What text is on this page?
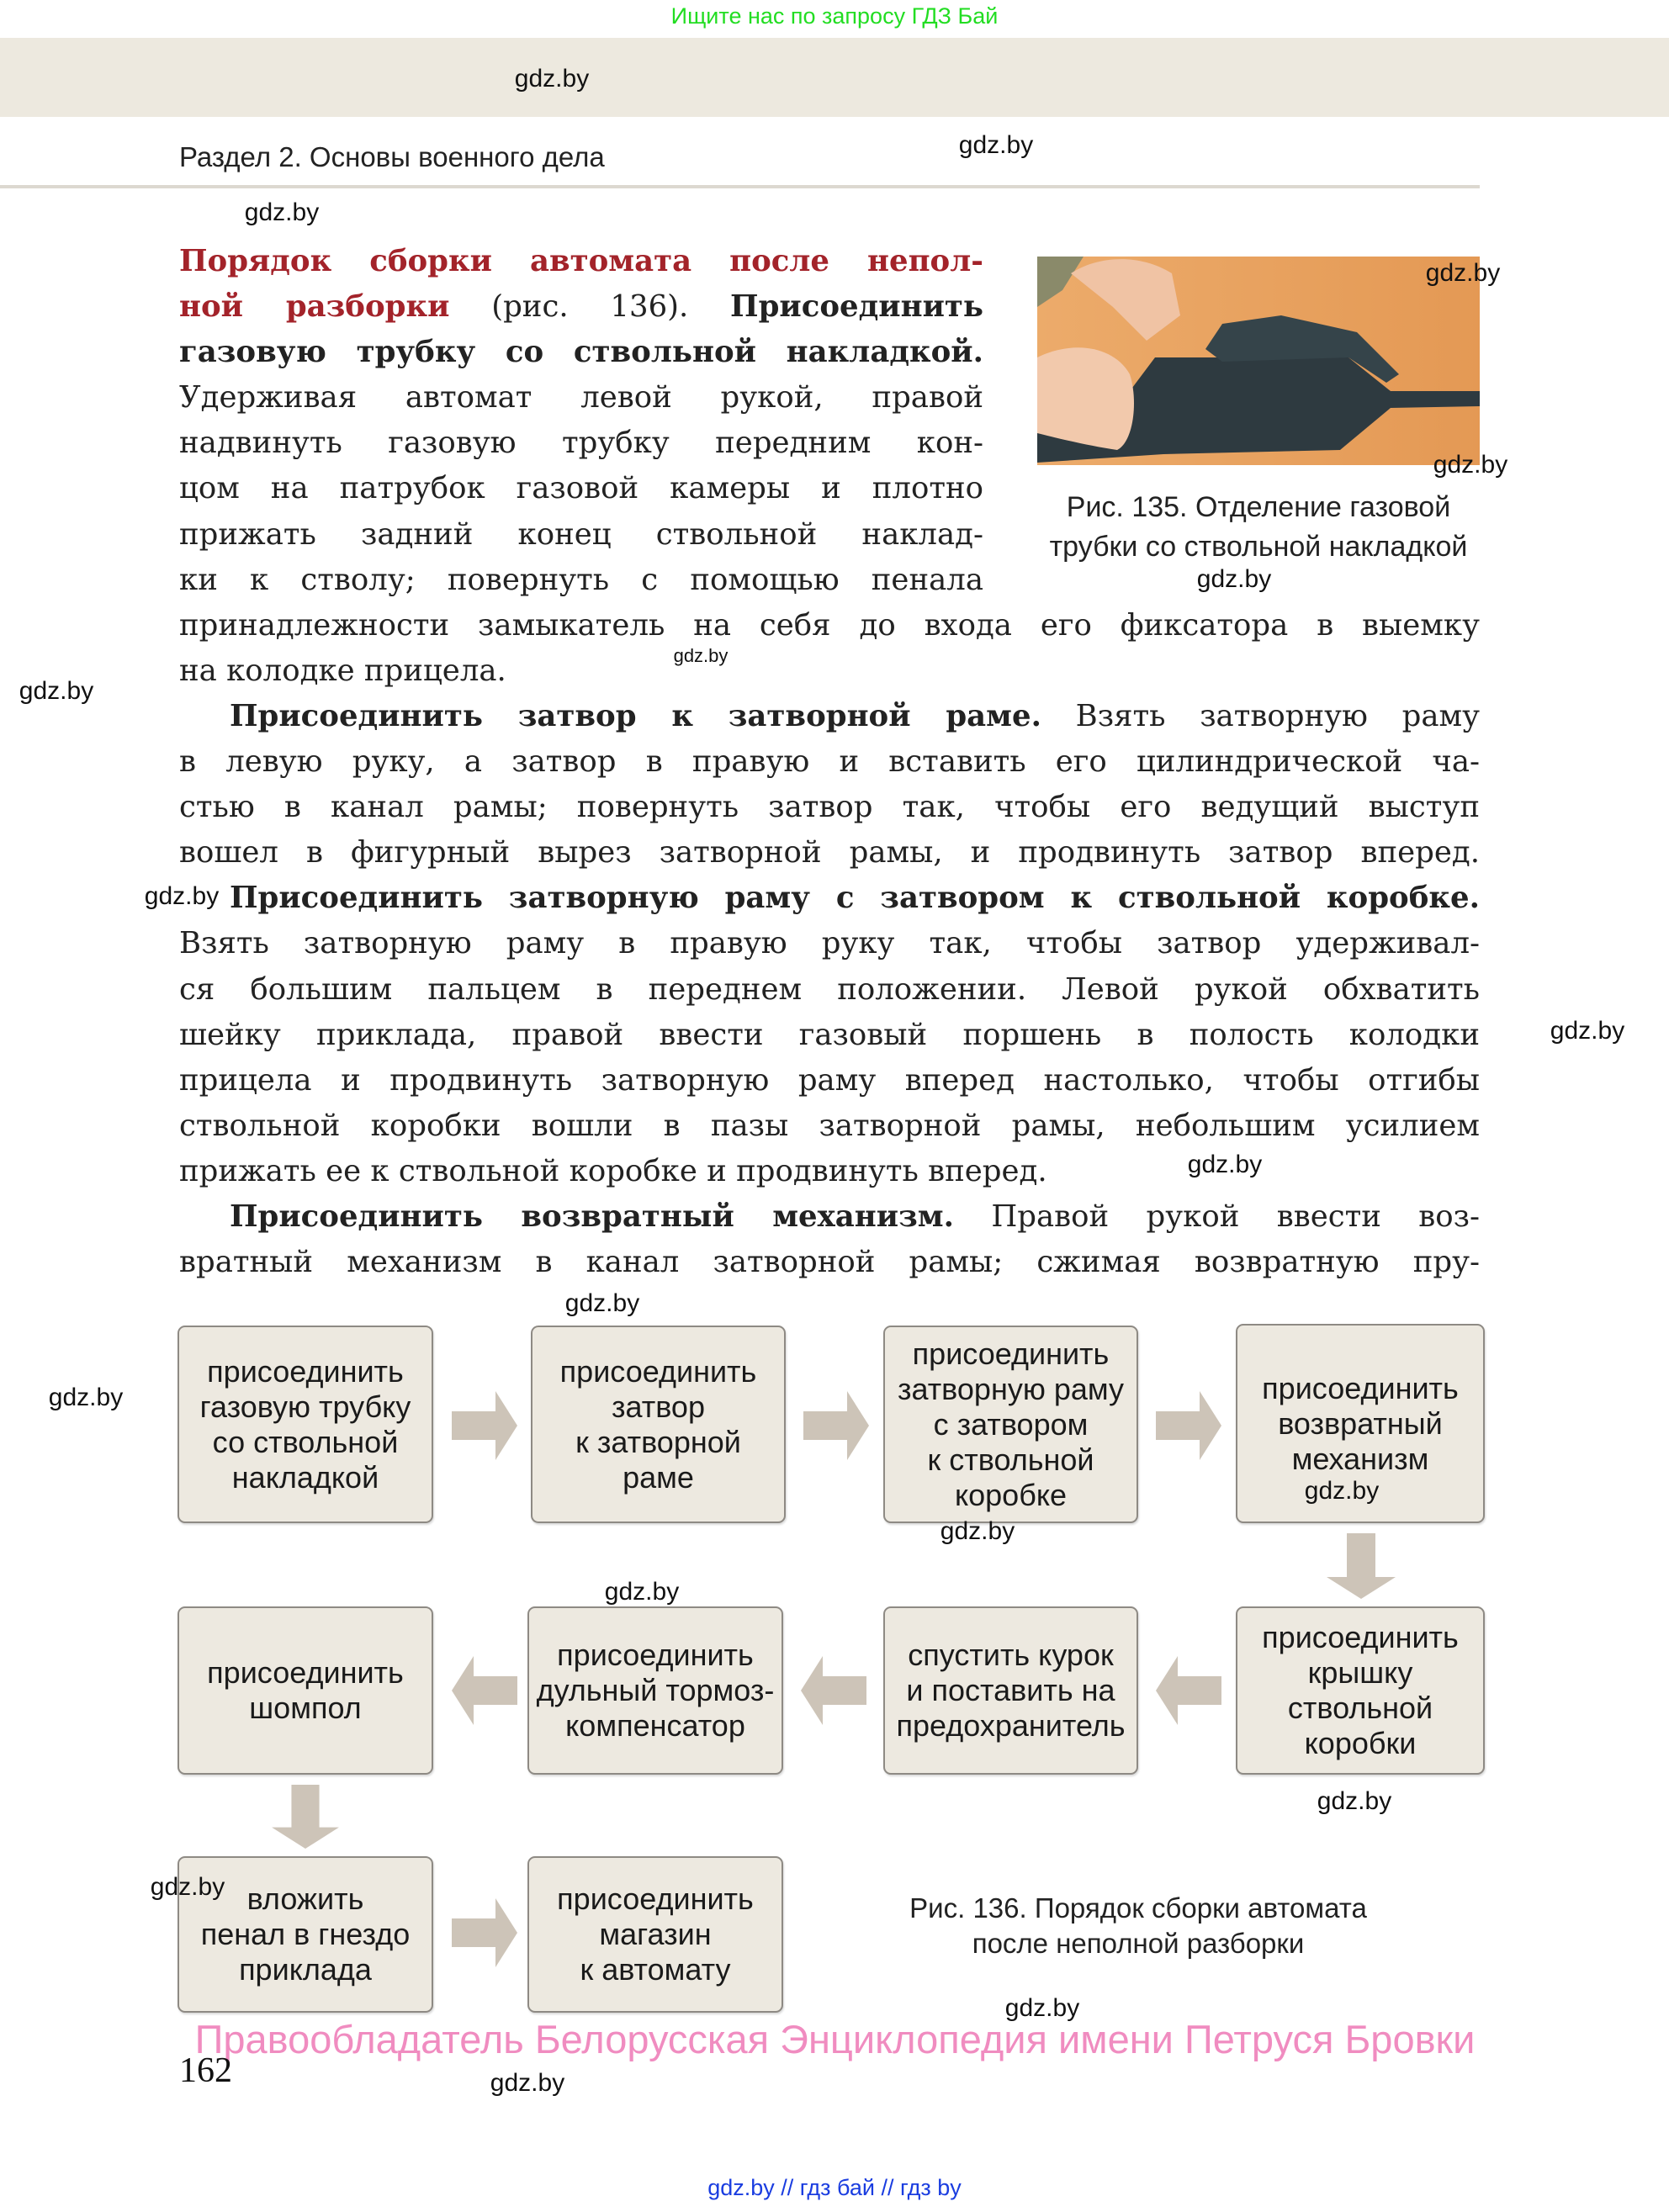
Ищите нас по запросу ГДЗ Бай
Раздел 2. Основы военного дела
Порядок сборки автомата после непол-
ной разборки (рис. 136). Присоединить
газовую трубку со ствольной накладкой.
Удерживая автомат левой рукой, правой
надвинуть газовую трубку передним кон-
цом на патрубок газовой камеры и плотно
прижать задний конец ствольной наклад-
ки к стволу; повернуть с помощью пенала
принадлежности замыкатель на себя до входа его фиксатора в выемку
на колодке прицела.
Присоединить затвор к затворной раме. Взять затворную раму
в левую руку, а затвор в правую и вставить его цилиндрической ча-
стью в канал рамы; повернуть затвор так, чтобы его ведущий выступ
вошел в фигурный вырез затворной рамы, и продвинуть затвор вперед.
Присоединить затворную раму с затвором к ствольной коробке.
Взять затворную раму в правую руку так, чтобы затвор удерживал-
ся большим пальцем в переднем положении. Левой рукой обхватить
шейку приклада, правой ввести газовый поршень в полость колодки
прицела и продвинуть затворную раму вперед настолько, чтобы отгибы
ствольной коробки вошли в пазы затворной рамы, небольшим усилием
прижать ее к ствольной коробке и продвинуть вперед.
Присоединить возвратный механизм. Правой рукой ввести воз-
вратный механизм в канал затворной рамы; сжимая возвратную пру-
Рис. 135. Отделение газовой
трубки со ствольной накладкой
присоединить
газовую трубку
со ствольной
накладкой
присоединить
затвор
к затворной
раме
присоединить
затворную раму
с затвором
к ствольной
коробке
присоединить
возвратный
механизм
присоединить
крышку
ствольной
коробки
спустить курок
и поставить на
предохранитель
присоединить
дульный тормоз-
компенсатор
присоединить
шомпол
вложить
пенал в гнездо
приклада
присоединить
магазин
к автомату
Рис. 136. Порядок сборки автомата
после неполной разборки
gdz.by
gdz.by
gdz.by
gdz.by
gdz.by
gdz.by
gdz.by
gdz.by
gdz.by
gdz.by
gdz.by
gdz.by
gdz.by
gdz.by
gdz.by
gdz.by
gdz.by
gdz.by
gdz.by
gdz.by
Правообладатель Белорусская Энциклопедия имени Петруся Бровки
162
gdz.by // гдз бай // гдз by
